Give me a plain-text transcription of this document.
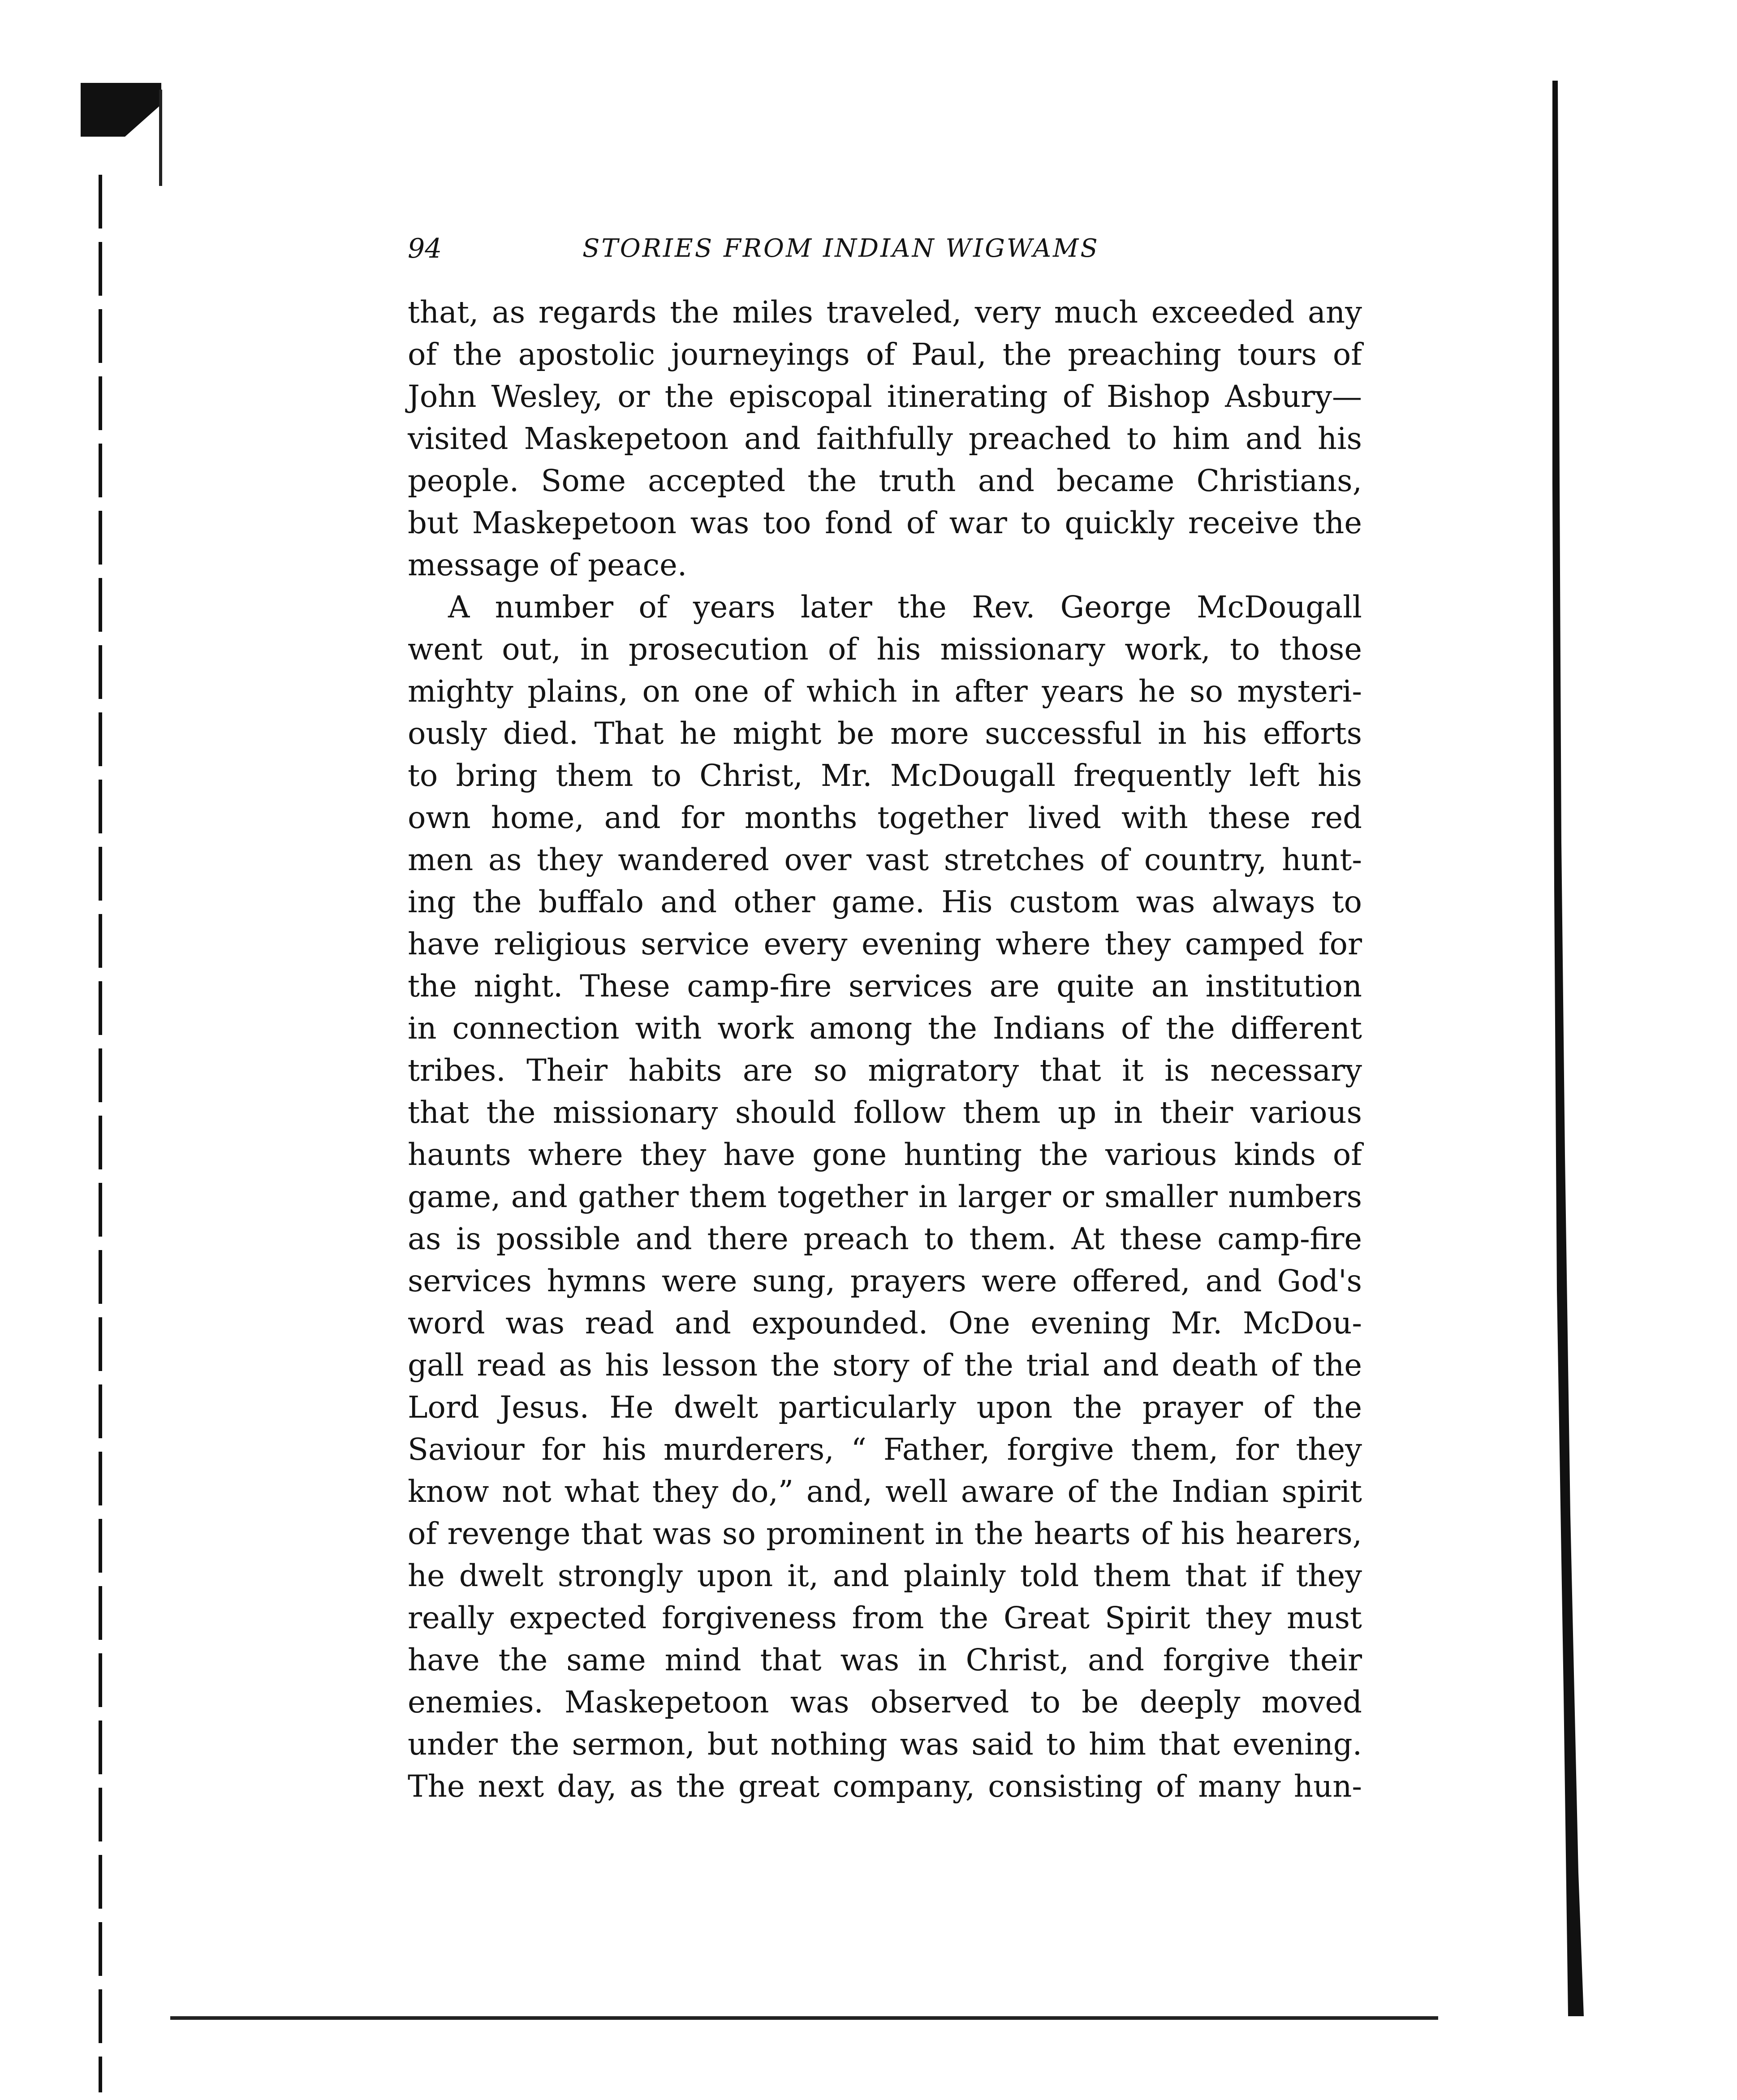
94	STORIES FROM INDIAN WIGWAMS
that, as regards the miles traveled, very much exceeded any
of the apostolic journeyings of Paul, the preaching tours of
John Wesley, or the episcopal itinerating of Bishop Asbury—
visited Maskepetoon and faithfully preached to him and his
people. Some accepted the truth and became Christians,
but Maskepetoon was too fond of war to quickly receive the
message of peace.
A number of years later the Rev. George McDougall
went out, in prosecution of his missionary work, to those
mighty plains, on one of which in after years he so mysteri-
ously died. That he might be more successful in his efforts
to bring them to Christ, Mr. McDougall frequently left his
own home, and for months together lived with these red
men as they wandered over vast stretches of country, hunt-
ing the buffalo and other game. His custom was always to
have religious service every evening where they camped for
the night. These camp-fire services are quite an institution
in connection with work among the Indians of the different
tribes. Their habits are so migratory that it is necessary
that the missionary should follow them up in their various
haunts where they have gone hunting the various kinds of
game, and gather them together in larger or smaller numbers
as is possible and there preach to them. At these camp-fire
services hymns were sung, prayers were offered, and God's
word was read and expounded. One evening Mr. McDou-
gall read as his lesson the story of the trial and death of the
Lord Jesus. He dwelt particularly upon the prayer of the
Saviour for his murderers, “ Father, forgive them, for they
know not what they do,” and, well aware of the Indian spirit
of revenge that was so prominent in the hearts of his hearers,
he dwelt strongly upon it, and plainly told them that if they
really expected forgiveness from the Great Spirit they must
have the same mind that was in Christ, and forgive their
enemies. Maskepetoon was observed to be deeply moved
under the sermon, but nothing was said to him that evening.
The next day, as the great company, consisting of many hun-
